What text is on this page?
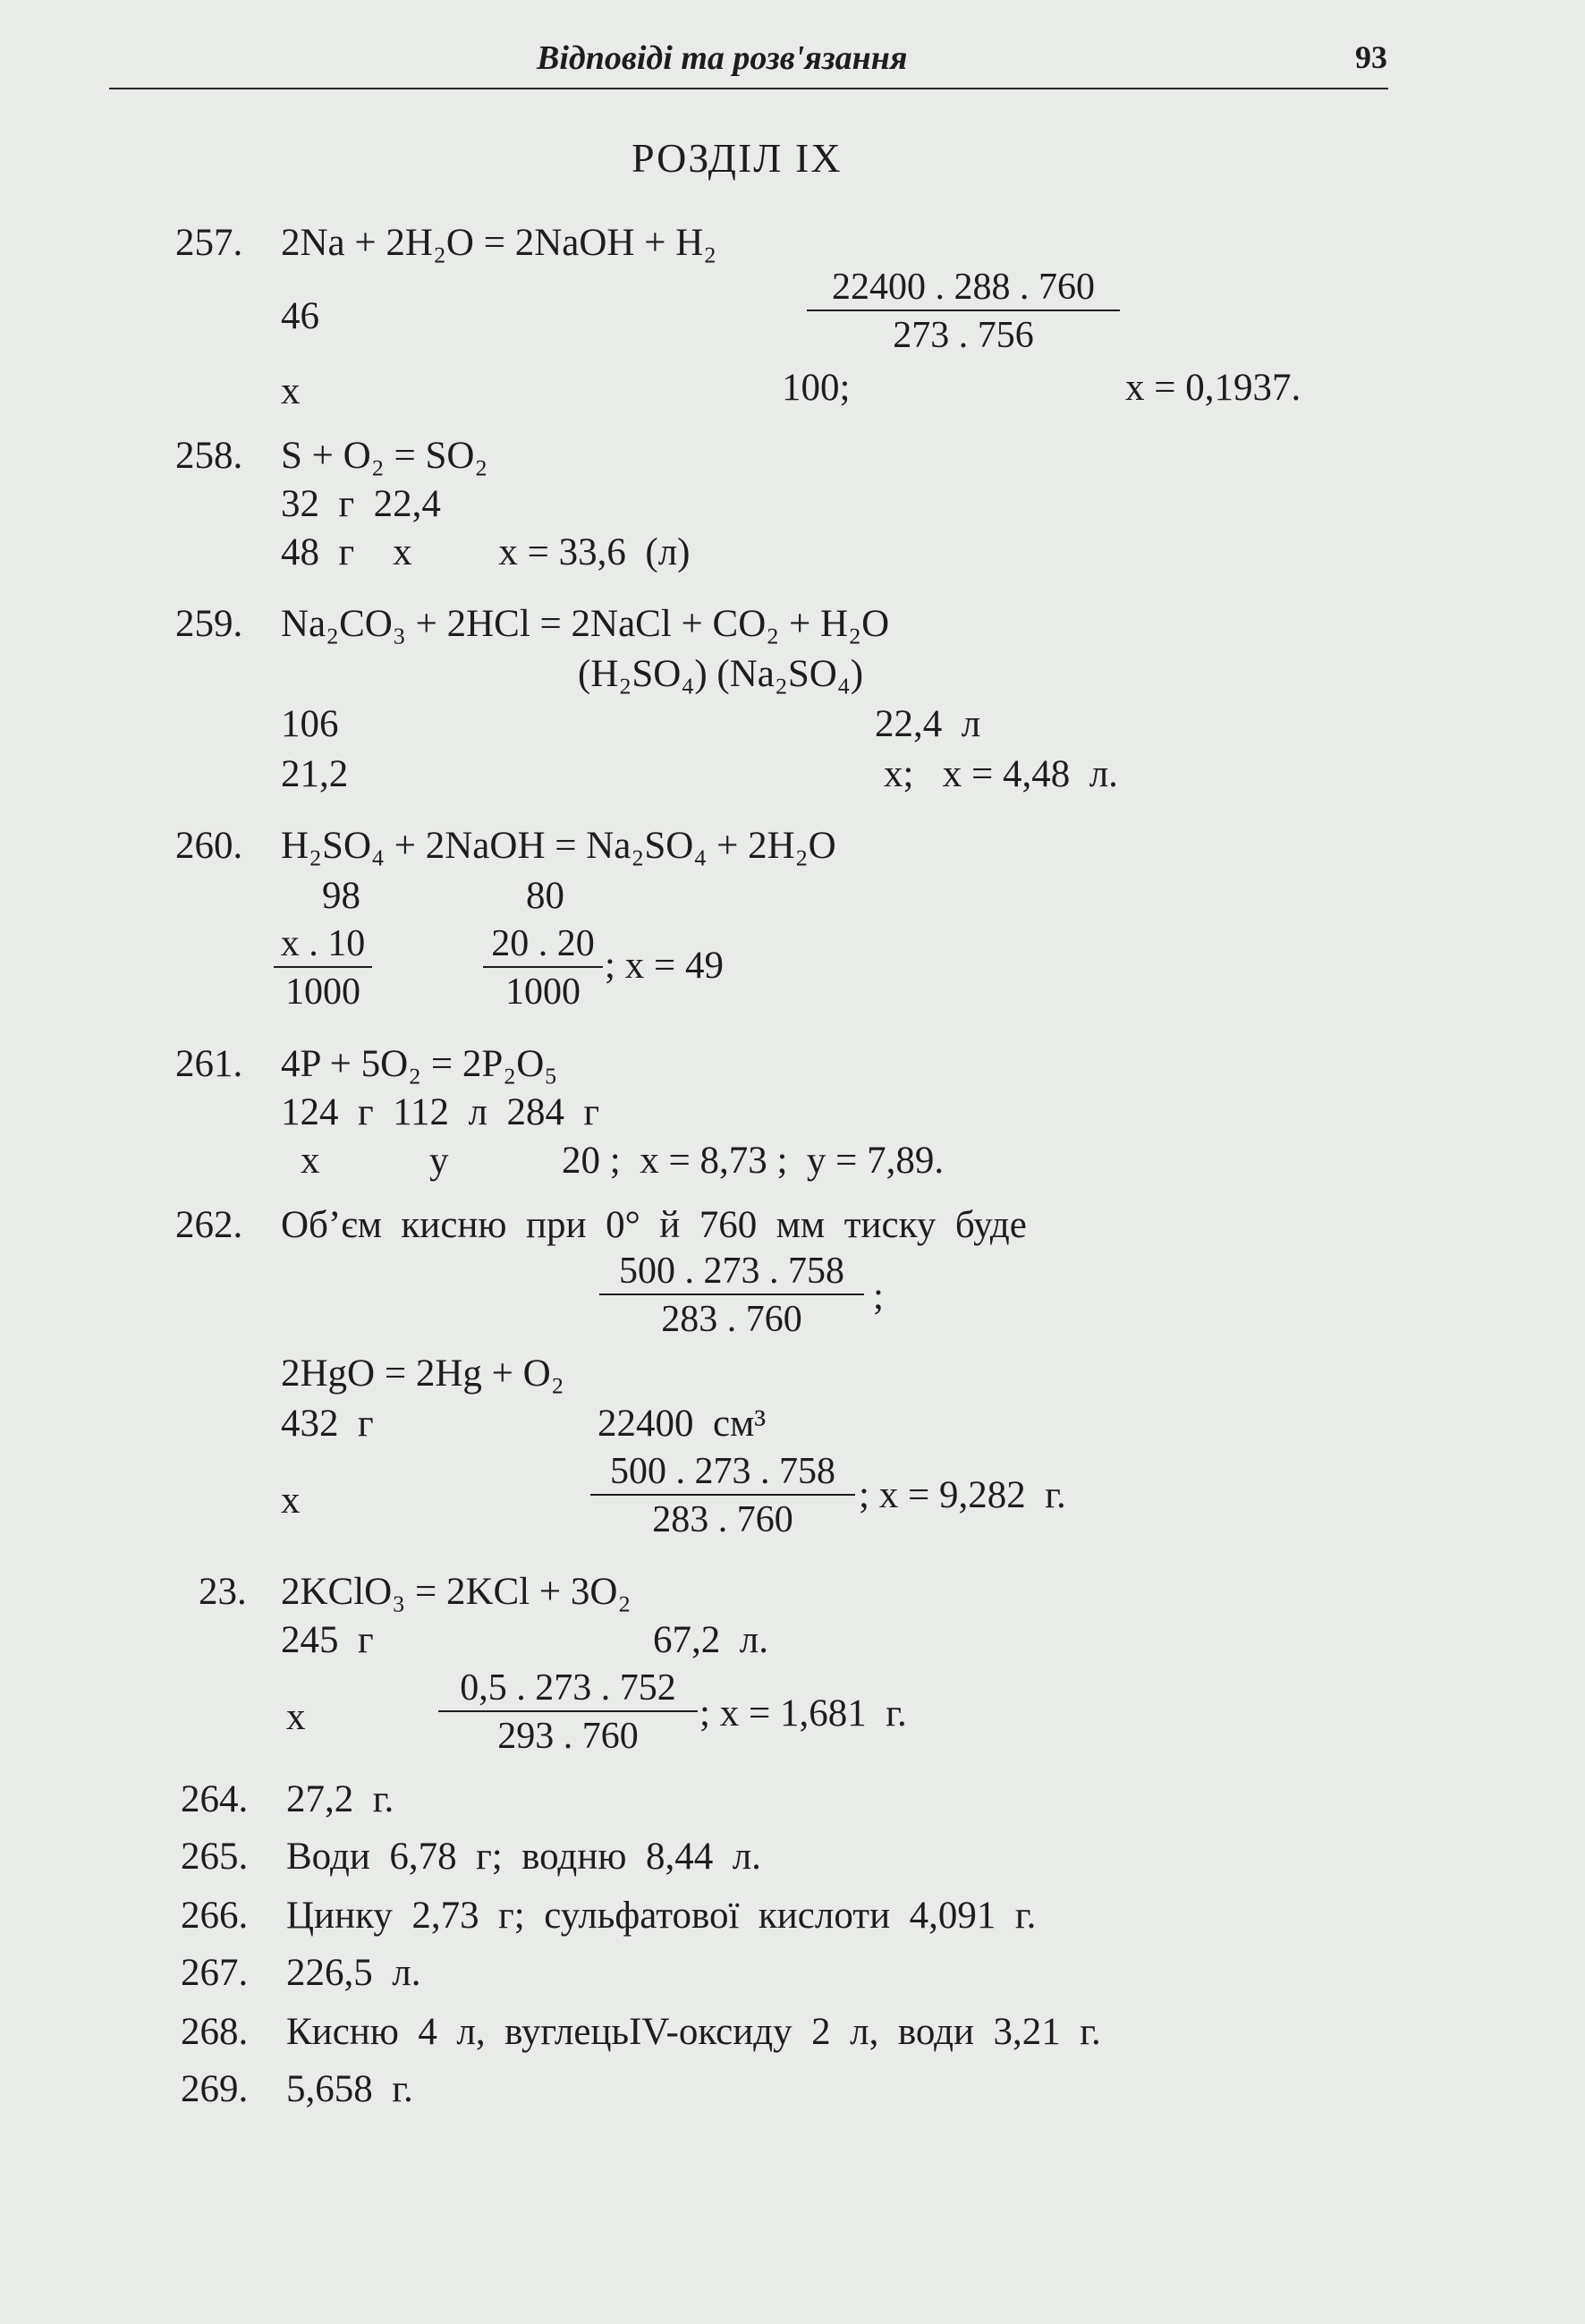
Відповіді та розв'язання	93
РОЗДІЛ IX
257. 2Na + 2H₂O = 2NaOH + H₂
46
22400 . 288 . 760
273 . 756
x	100;	x = 0,1937.
258. S + O₂ = SO₂
32  г  22,4
48  г    x         x = 33,6  (л)
259. Na₂CO₃ + 2HCl = 2NaCl + CO₂ + H₂O
(H₂SO₄) (Na₂SO₄)
106	22,4  л
21,2	x;   x = 4,48  л.
260. H₂SO₄ + 2NaOH = Na₂SO₄ + 2H₂O
98	80
x . 10
1000
20 . 20
1000
; x = 49
261. 4P + 5O₂ = 2P₂O₅
124  г  112  л  284  г
x	y	20 ;  x = 8,73 ;  y = 7,89.
262. Об’єм  кисню  при  0°  й  760  мм  тиску  буде
500 . 273 . 758
283 . 760
;
2HgO = 2Hg + O₂
432  г	22400  см³
x
500 . 273 . 758
283 . 760
; x = 9,282  г.
23. 2KClO₃ = 2KCl + 3O₂
245  г	67,2  л.
x
0,5 . 273 . 752
293 . 760
; x = 1,681  г.
264. 27,2  г.
265. Води  6,78  г;  водню  8,44  л.
266. Цинку  2,73  г;  сульфатової  кислоти  4,091  г.
267. 226,5  л.
268. Кисню  4  л,  вуглецьIV-оксиду  2  л,  води  3,21  г.
269. 5,658  г.
